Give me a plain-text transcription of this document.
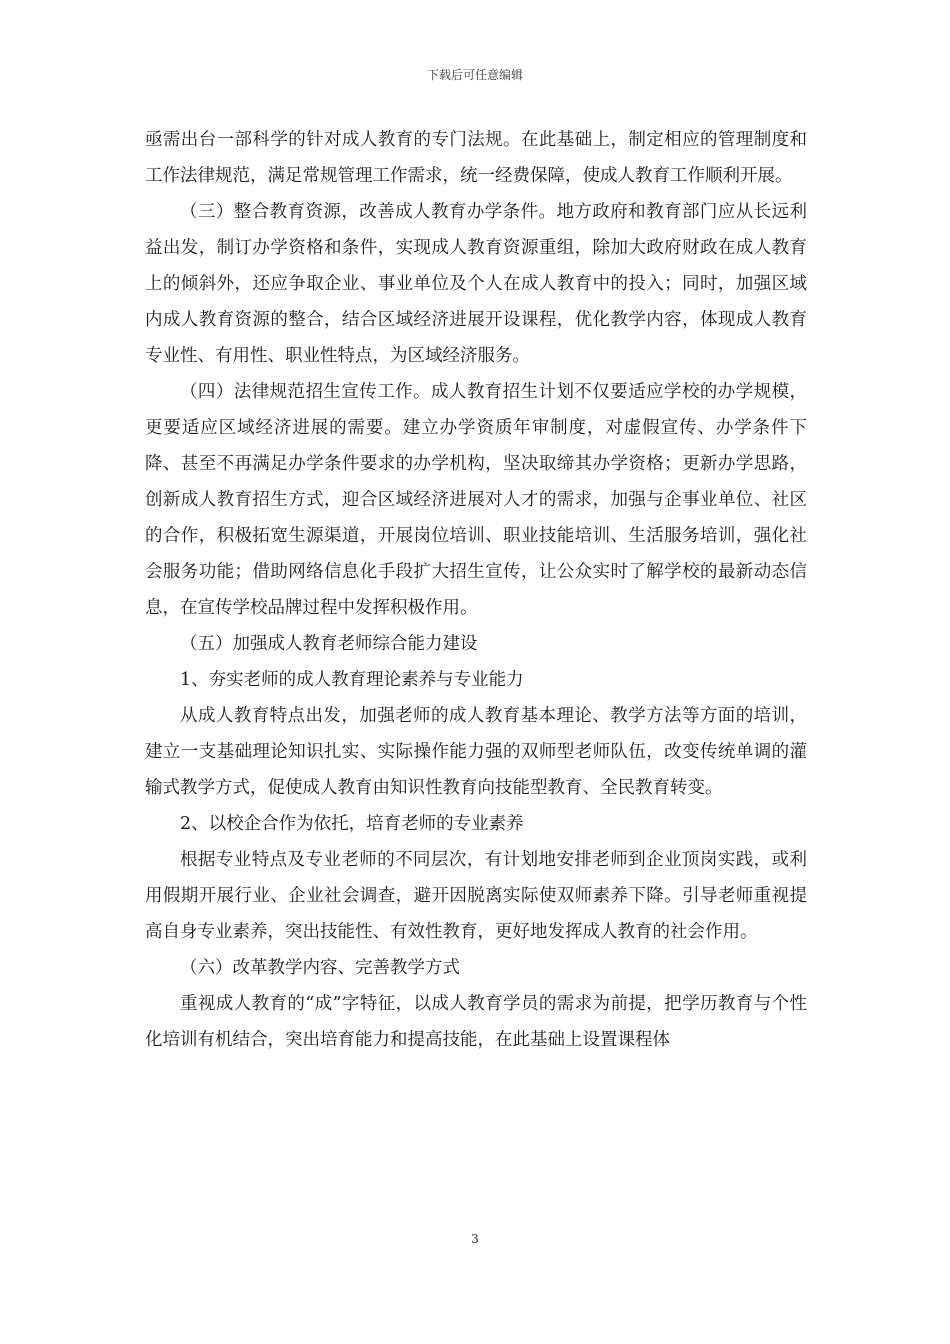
下载后可任意编辑

亟需出台一部科学的针对成人教育的专门法规。在此基础上，制定相应的管理制度和工作法律规范，满足常规管理工作需求，统一经费保障，使成人教育工作顺利开展。

（三）整合教育资源，改善成人教育办学条件。地方政府和教育部门应从长远利益出发，制订办学资格和条件，实现成人教育资源重组，除加大政府财政在成人教育上的倾斜外，还应争取企业、事业单位及个人在成人教育中的投入；同时，加强区域内成人教育资源的整合，结合区域经济进展开设课程，优化教学内容，体现成人教育专业性、有用性、职业性特点，为区域经济服务。

（四）法律规范招生宣传工作。成人教育招生计划不仅要适应学校的办学规模，更要适应区域经济进展的需要。建立办学资质年审制度，对虚假宣传、办学条件下降、甚至不再满足办学条件要求的办学机构，坚决取缔其办学资格；更新办学思路，创新成人教育招生方式，迎合区域经济进展对人才的需求，加强与企事业单位、社区的合作，积极拓宽生源渠道，开展岗位培训、职业技能培训、生活服务培训，强化社会服务功能；借助网络信息化手段扩大招生宣传，让公众实时了解学校的最新动态信息，在宣传学校品牌过程中发挥积极作用。

（五）加强成人教育老师综合能力建设

1、夯实老师的成人教育理论素养与专业能力

从成人教育特点出发，加强老师的成人教育基本理论、教学方法等方面的培训，建立一支基础理论知识扎实、实际操作能力强的双师型老师队伍，改变传统单调的灌输式教学方式，促使成人教育由知识性教育向技能型教育、全民教育转变。

2、以校企合作为依托，培育老师的专业素养

根据专业特点及专业老师的不同层次，有计划地安排老师到企业顶岗实践，或利用假期开展行业、企业社会调查，避开因脱离实际使双师素养下降。引导老师重视提高自身专业素养，突出技能性、有效性教育，更好地发挥成人教育的社会作用。

（六）改革教学内容、完善教学方式

重视成人教育的“成”字特征，以成人教育学员的需求为前提，把学历教育与个性化培训有机结合，突出培育能力和提高技能，在此基础上设置课程体

3
